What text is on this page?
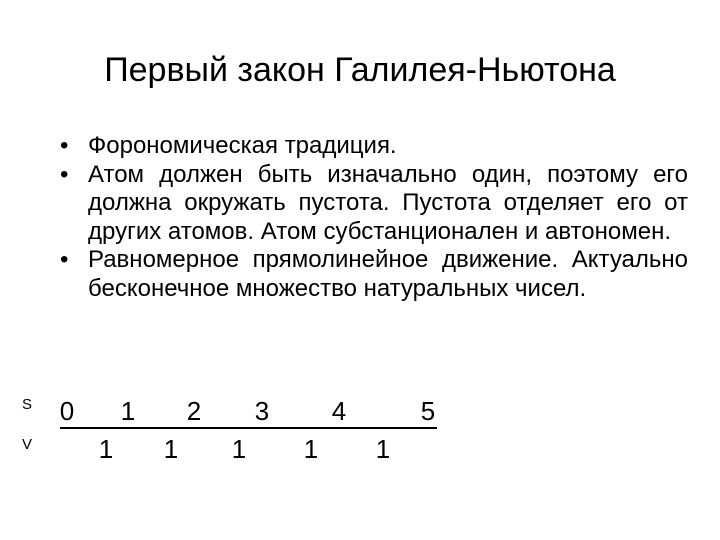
Первый закон Галилея-Ньютона
• Форономическая традиция.
• Атом должен быть изначально один, поэтому его должна окружать пустота. Пустота отделяет его от других атомов. Атом субстанционален и автономен.
• Равномерное прямолинейное движение. Актуально бесконечное множество натуральных чисел.
S
V
0 1 2 3 4	5
1 1 1 1 1
